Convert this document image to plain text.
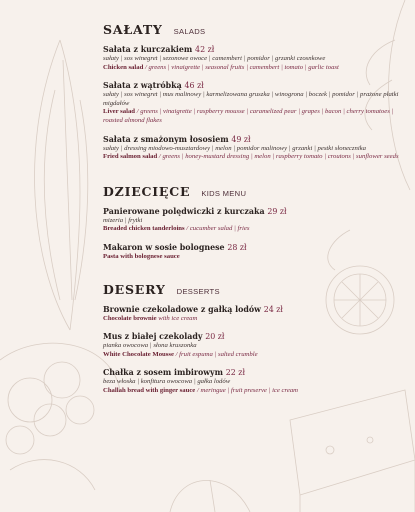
SAŁATY SALADS
Sałata z kurczakiem 42 zł
sałaty | sos winegret | sezonowe owoce | camembert | pomidor | grzanki czosnkowe
Chicken salad / greens | vinaigrette | seasonal fruits | camembert | tomato | garlic toast
Sałata z wątróbką 46 zł
sałaty | sos winegret | mus malinowy | karmelizowana gruszka | winogrona | boczek | pomidor | prażone płatki migdałów
Liver salad / greens | vinaigrette | raspberry mousse | caramelized pear | grapes | bacon | cherry tomatoes | roasted almond flakes
Sałata z smażonym łososiem 49 zł
sałaty | dressing miodowo-musztardowy | melon | pomidor malinowy | grzanki | pestki słonecznika
Fried salmon salad / greens | honey-mustard dressing | melon | raspberry tomato | croutons | sunflower seeds
DZIECIĘCE KIDS MENU
Panierowane polędwiczki z kurczaka 29 zł
mizeria | frytki
Breaded chicken tanderloins / cucumber salad | fries
Makaron w sosie bolognese 28 zł
Pasta with bolognese sauce
DESERY DESSERTS
Brownie czekoladowe z gałką lodów 24 zł
Chocolate brownie with ice cream
Mus z białej czekolady 20 zł
pianka owocowa | słona kruszonka
White Chocolate Mousse / fruit espuma | salted crumble
Chałka z sosem imbirowym 22 zł
beza włoska | konfitura owocowa | gałka lodów
Challah bread with ginger sauce / meringue | fruit preserve | ice cream
